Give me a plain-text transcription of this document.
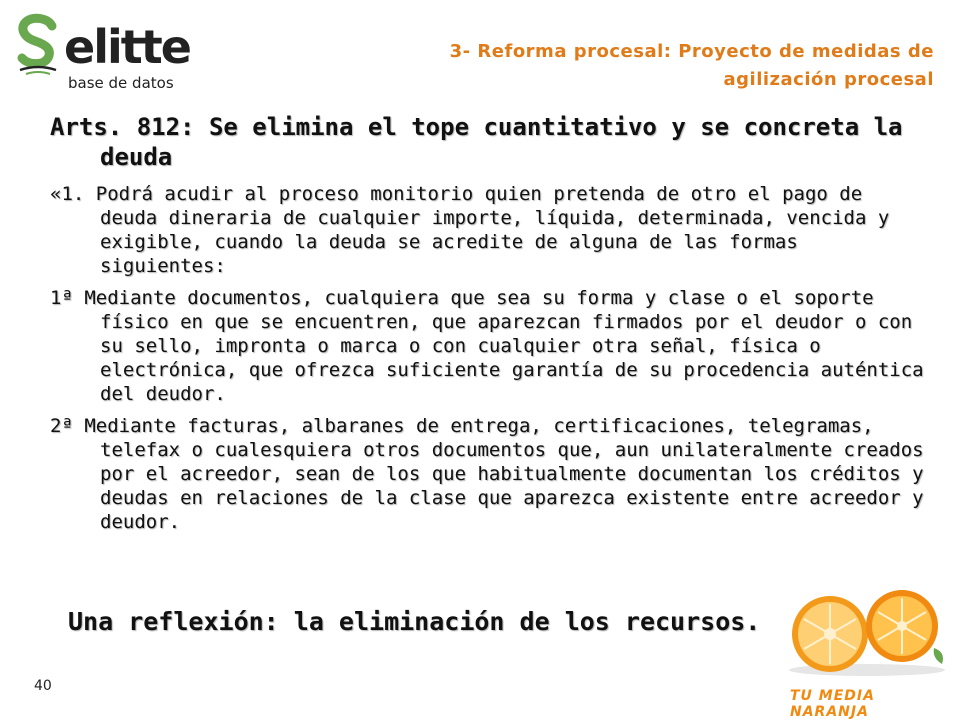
elitte
base de datos
3- Reforma procesal: Proyecto de medidas de
agilización procesal

Arts. 812: Se elimina el tope cuantitativo y se concreta la deuda

«1. Podrá acudir al proceso monitorio quien pretenda de otro el pago de deuda dineraria de cualquier importe, líquida, determinada, vencida y exigible, cuando la deuda se acredite de alguna de las formas siguientes:

1ª Mediante documentos, cualquiera que sea su forma y clase o el soporte físico en que se encuentren, que aparezcan firmados por el deudor o con su sello, impronta o marca o con cualquier otra señal, física o electrónica, que ofrezca suficiente garantía de su procedencia auténtica del deudor.

2ª Mediante facturas, albaranes de entrega, certificaciones, telegramas, telefax o cualesquiera otros documentos que, aun unilateralmente creados por el acreedor, sean de los que habitualmente documentan los créditos y deudas en relaciones de la clase que aparezca existente entre acreedor y deudor.

Una reflexión: la eliminación de los recursos.
40
TU MEDIA NARANJA
